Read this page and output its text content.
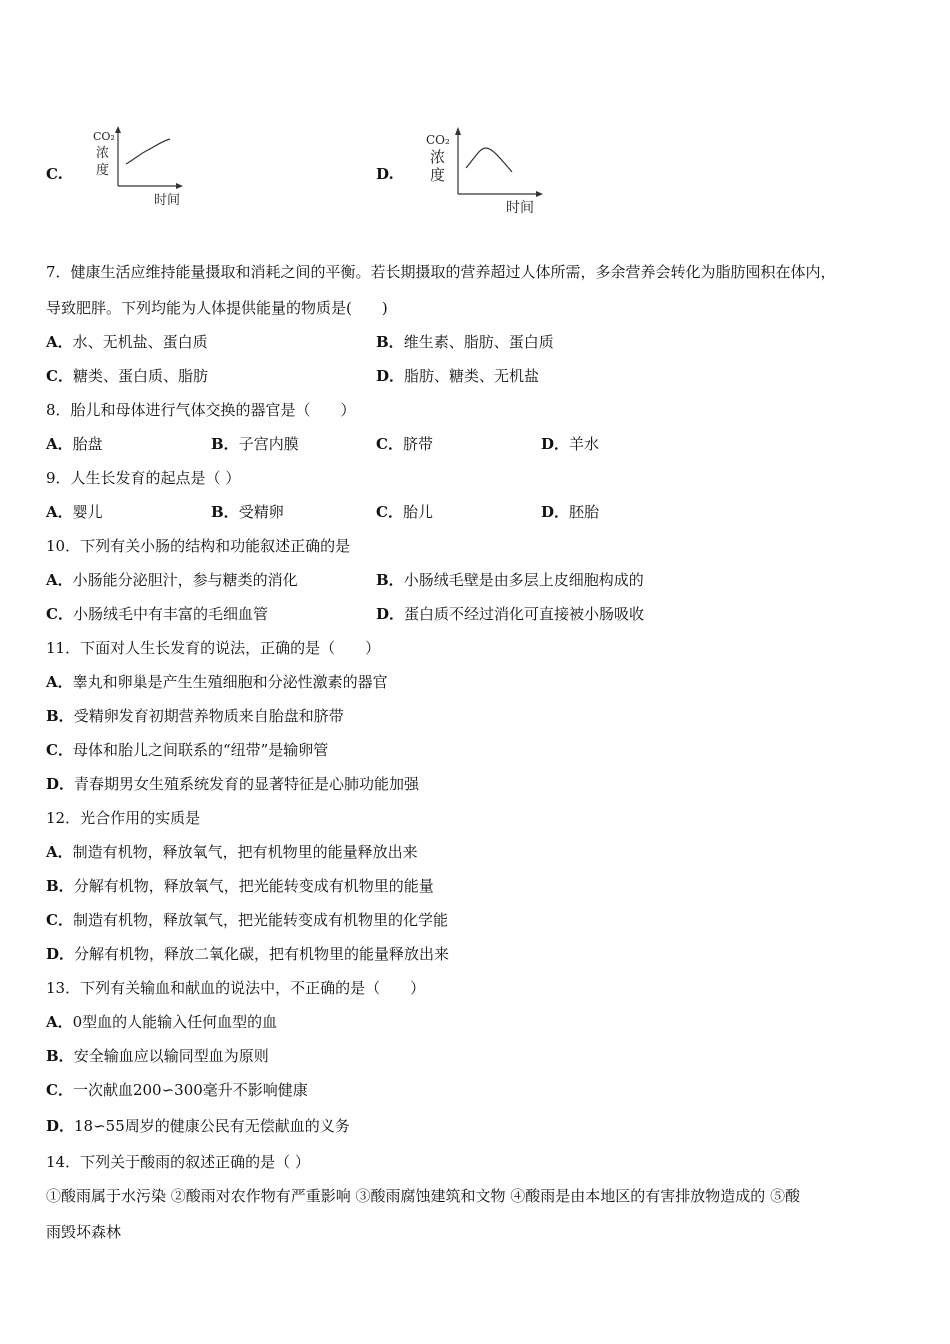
C.
CO₂
浓
度
时间
D.
CO₂
浓
度
时间
7．健康生活应维持能量摄取和消耗之间的平衡。若长期摄取的营养超过人体所需，多余营养会转化为脂肪囤积在体内，
导致肥胖。下列均能为人体提供能量的物质是(　　)
A．水、无机盐、蛋白质	B．维生素、脂肪、蛋白质
C．糖类、蛋白质、脂肪	D．脂肪、糖类、无机盐
8．胎儿和母体进行气体交换的器官是（　　）
A．胎盘	B．子宫内膜	C．脐带	D．羊水
9．人生长发育的起点是（ ）
A．婴儿	B．受精卵	C．胎儿	D．胚胎
10．下列有关小肠的结构和功能叙述正确的是
A．小肠能分泌胆汁，参与糖类的消化	B．小肠绒毛壁是由多层上皮细胞构成的
C．小肠绒毛中有丰富的毛细血管	D．蛋白质不经过消化可直接被小肠吸收
11．下面对人生长发育的说法，正确的是（　　）
A．睾丸和卵巢是产生生殖细胞和分泌性激素的器官
B．受精卵发育初期营养物质来自胎盘和脐带
C．母体和胎儿之间联系的“纽带”是输卵管
D．青春期男女生殖系统发育的显著特征是心肺功能加强
12．光合作用的实质是
A．制造有机物，释放氧气，把有机物里的能量释放出来
B．分解有机物，释放氧气，把光能转变成有机物里的能量
C．制造有机物，释放氧气，把光能转变成有机物里的化学能
D．分解有机物，释放二氧化碳，把有机物里的能量释放出来
13．下列有关输血和献血的说法中，不正确的是（　　）
A．0型血的人能输入任何血型的血
B．安全输血应以输同型血为原则
C．一次献血200∽300毫升不影响健康
D．18∽55周岁的健康公民有无偿献血的义务
14．下列关于酸雨的叙述正确的是（ ）
①酸雨属于水污染 ②酸雨对农作物有严重影响 ③酸雨腐蚀建筑和文物 ④酸雨是由本地区的有害排放物造成的 ⑤酸
雨毁坏森林
